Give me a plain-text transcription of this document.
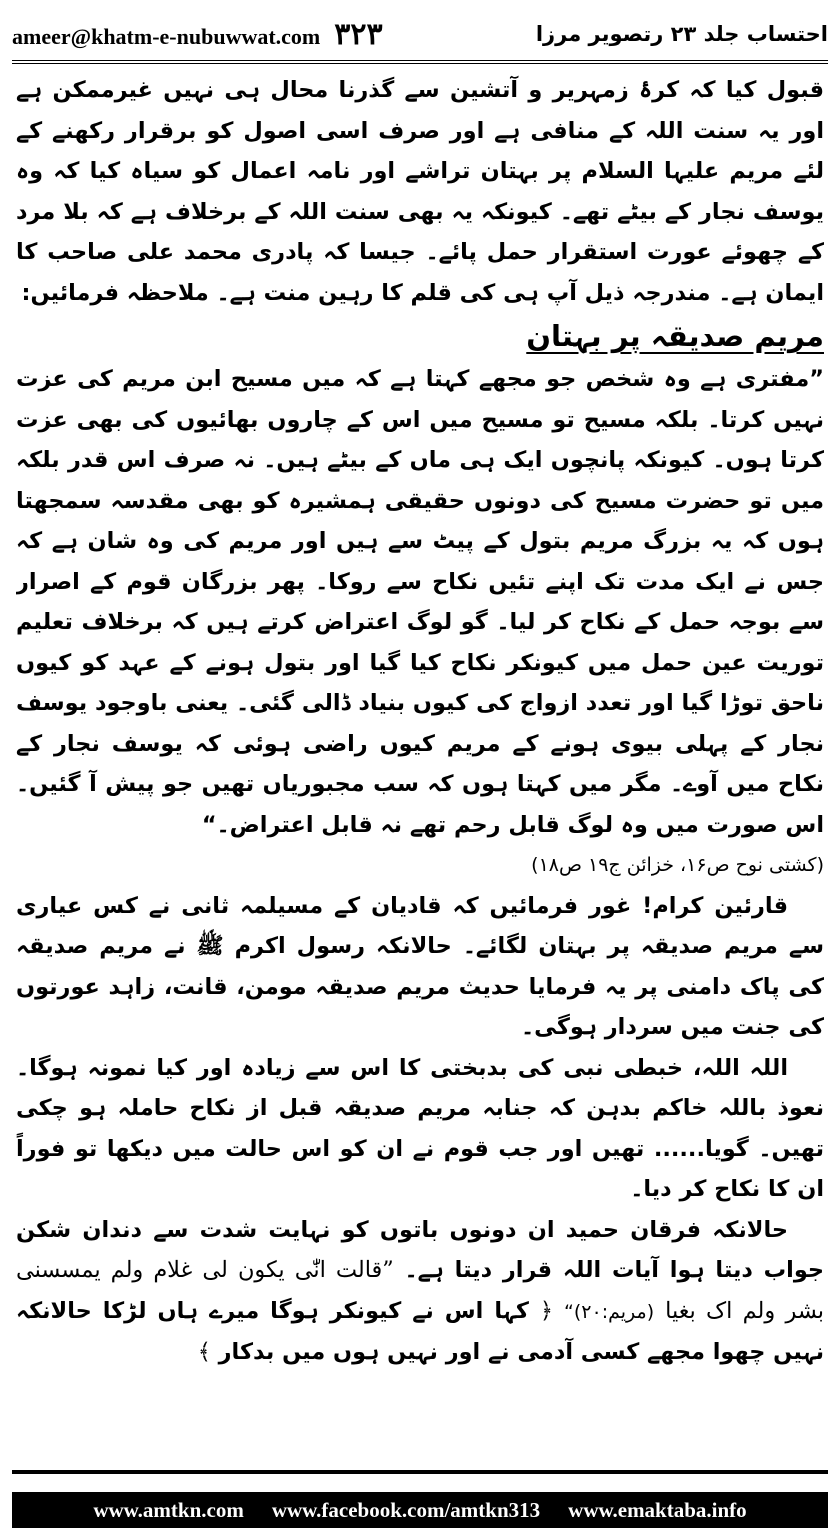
ameer@khatm-e-nubuwwat.com ۳۲۳	احتساب جلد ۲۳ رتصویر مرزا

قبول کیا کہ کرۂ زمہریر و آتشین سے گذرنا محال ہی نہیں غیرممکن ہے اور یہ سنت اللہ کے منافی ہے اور صرف اسی اصول کو برقرار رکھنے کے لئے مریم علیہا السلام پر بہتان تراشے اور نامہ اعمال کو سیاہ کیا کہ وہ یوسف نجار کے بیٹے تھے۔ کیونکہ یہ بھی سنت اللہ کے برخلاف ہے کہ بلا مرد کے چھوئے عورت استقرار حمل پائے۔ جیسا کہ پادری محمد علی صاحب کا ایمان ہے۔ مندرجہ ذیل آپ ہی کی قلم کا رہین منت ہے۔ ملاحظہ فرمائیں:

مریم صدیقہ پر بہتان

”مفتری ہے وہ شخص جو مجھے کہتا ہے کہ میں مسیح ابن مریم کی عزت نہیں کرتا۔ بلکہ مسیح تو مسیح میں اس کے چاروں بھائیوں کی بھی عزت کرتا ہوں۔ کیونکہ پانچوں ایک ہی ماں کے بیٹے ہیں۔ نہ صرف اس قدر بلکہ میں تو حضرت مسیح کی دونوں حقیقی ہمشیرہ کو بھی مقدسہ سمجھتا ہوں کہ یہ بزرگ مریم بتول کے پیٹ سے ہیں اور مریم کی وہ شان ہے کہ جس نے ایک مدت تک اپنے تئیں نکاح سے روکا۔ پھر بزرگان قوم کے اصرار سے بوجہ حمل کے نکاح کر لیا۔ گو لوگ اعتراض کرتے ہیں کہ برخلاف تعلیم توریت عین حمل میں کیونکر نکاح کیا گیا اور بتول ہونے کے عہد کو کیوں ناحق توڑا گیا اور تعدد ازواج کی کیوں بنیاد ڈالی گئی۔ یعنی باوجود یوسف نجار کے پہلی بیوی ہونے کے مریم کیوں راضی ہوئی کہ یوسف نجار کے نکاح میں آوے۔ مگر میں کہتا ہوں کہ سب مجبوریاں تھیں جو پیش آ گئیں۔ اس صورت میں وہ لوگ قابل رحم تھے نہ قابل اعتراض۔“

(کشتی نوح ص۱۶، خزائن ج۱۹ ص۱۸)

قارئین کرام! غور فرمائیں کہ قادیان کے مسیلمہ ثانی نے کس عیاری سے مریم صدیقہ پر بہتان لگائے۔ حالانکہ رسول اکرم ﷺ نے مریم صدیقہ کی پاک دامنی پر یہ فرمایا حدیث مریم صدیقہ مومن، قانت، زاہد عورتوں کی جنت میں سردار ہوگی۔

اللہ اللہ، خبطی نبی کی بدبختی کا اس سے زیادہ اور کیا نمونہ ہوگا۔ نعوذ باللہ خاکم بدہن کہ جنابہ مریم صدیقہ قبل از نکاح حاملہ ہو چکی تھیں۔ گویا...... تھیں اور جب قوم نے ان کو اس حالت میں دیکھا تو فوراً ان کا نکاح کر دیا۔

حالانکہ فرقان حمید ان دونوں باتوں کو نہایت شدت سے دندان شکن جواب دیتا ہوا آیات اللہ قرار دیتا ہے۔ ”قالت انّٰی یکون لی غلام ولم یمسسنی بشر ولم اک بغیا (مریم:۲۰)“ ﴿ کہا اس نے کیونکر ہوگا میرے ہاں لڑکا حالانکہ نہیں چھوا مجھے کسی آدمی نے اور نہیں ہوں میں بدکار ﴾

www.amtkn.com www.facebook.com/amtkn313 www.emaktaba.info
